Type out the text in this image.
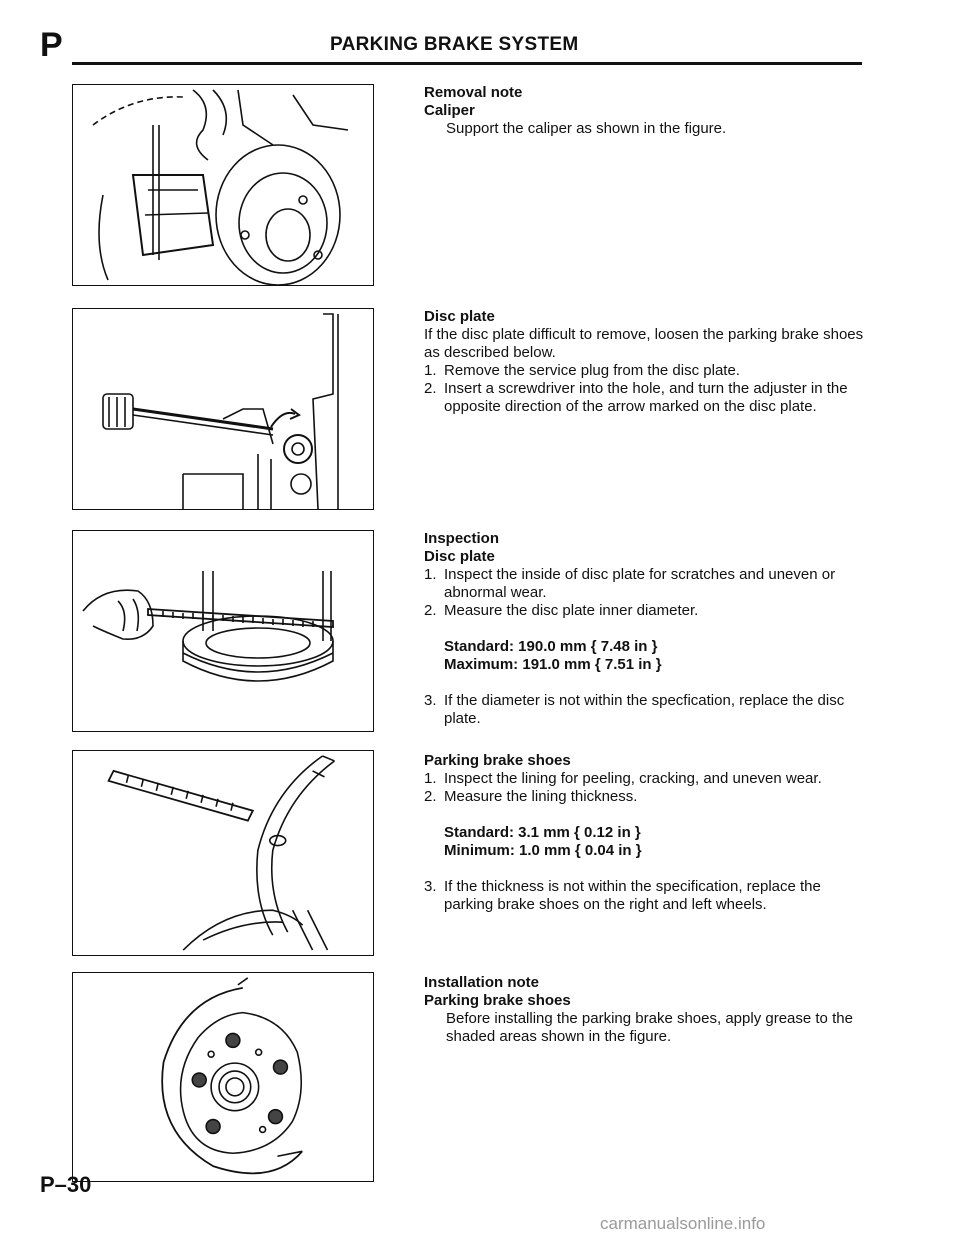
P	PARKING BRAKE SYSTEM

Removal note

Caliper

Support the caliper as shown in the figure.

Disc plate

If the disc plate difficult to remove, loosen the parking brake shoes as described below.

1. Remove the service plug from the disc plate.

2. Insert a screwdriver into the hole, and turn the adjuster in the opposite direction of the arrow marked on the disc plate.

Inspection

Disc plate

1. Inspect the inside of disc plate for scratches and uneven or abnormal wear.

2. Measure the disc plate inner diameter.

Standard: 190.0 mm { 7.48 in }

Maximum: 191.0 mm { 7.51 in }

3. If the diameter is not within the specfication, replace the disc plate.

Parking brake shoes

1. Inspect the lining for peeling, cracking, and uneven wear.

2. Measure the lining thickness.

Standard: 3.1 mm { 0.12 in }

Minimum: 1.0 mm { 0.04 in }

3. If the thickness is not within the specification, replace the parking brake shoes on the right and left wheels.

Installation note

Parking brake shoes

Before installing the parking brake shoes, apply grease to the shaded areas shown in the figure.

P–30
carmanualsonline.info
